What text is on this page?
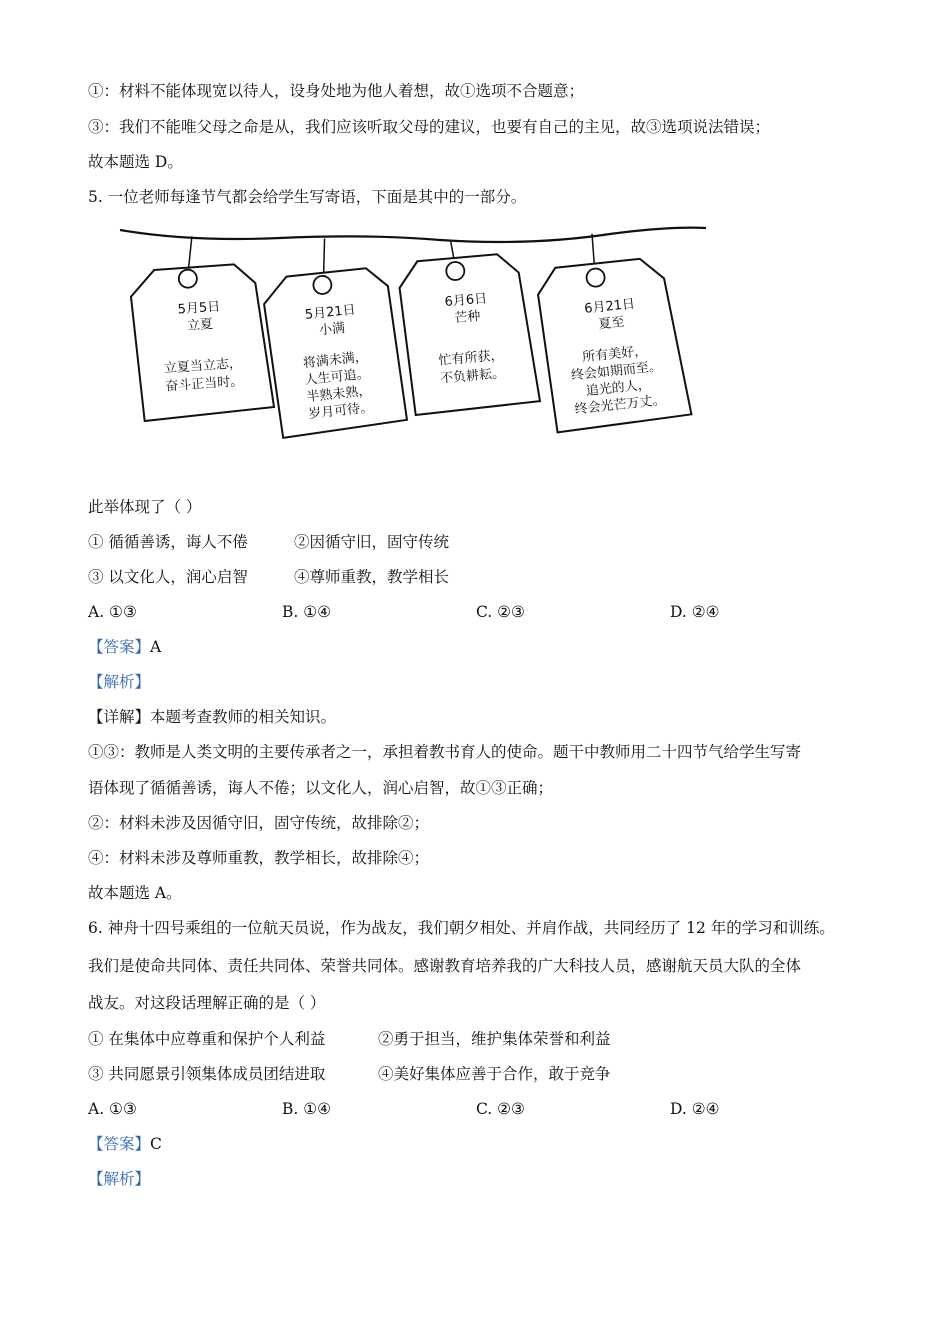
①：材料不能体现宽以待人，设身处地为他人着想，故①选项不合题意；
③：我们不能唯父母之命是从，我们应该听取父母的建议，也要有自己的主见，故③选项说法错误；
故本题选 D。
5. 一位老师每逢节气都会给学生写寄语，下面是其中的一部分。
5月5日
立夏
立夏当立志，
奋斗正当时。
5月21日
小满
将满未满，
人生可追。
半熟未熟，
岁月可待。
6月6日
芒种
忙有所获，
不负耕耘。
6月21日
夏至
所有美好，
终会如期而至。
追光的人，
终会光芒万丈。
此举体现了（ ）
① 循循善诱，诲人不倦	②因循守旧，固守传统
③ 以文化人，润心启智	④尊师重教，教学相长
A. ①③	B. ①④	C. ②③	D. ②④
【答案】A
【解析】
【详解】本题考查教师的相关知识。
①③：教师是人类文明的主要传承者之一，承担着教书育人的使命。题干中教师用二十四节气给学生写寄
语体现了循循善诱，诲人不倦；以文化人，润心启智，故①③正确；
②：材料未涉及因循守旧，固守传统，故排除②；
④：材料未涉及尊师重教，教学相长，故排除④；
故本题选 A。
6. 神舟十四号乘组的一位航天员说，作为战友，我们朝夕相处、并肩作战，共同经历了 12 年的学习和训练。
我们是使命共同体、责任共同体、荣誉共同体。感谢教育培养我的广大科技人员，感谢航天员大队的全体
战友。对这段话理解正确的是（ ）
① 在集体中应尊重和保护个人利益	②勇于担当，维护集体荣誉和利益
③ 共同愿景引领集体成员团结进取	④美好集体应善于合作，敢于竞争
A. ①③	B. ①④	C. ②③	D. ②④
【答案】C
【解析】
